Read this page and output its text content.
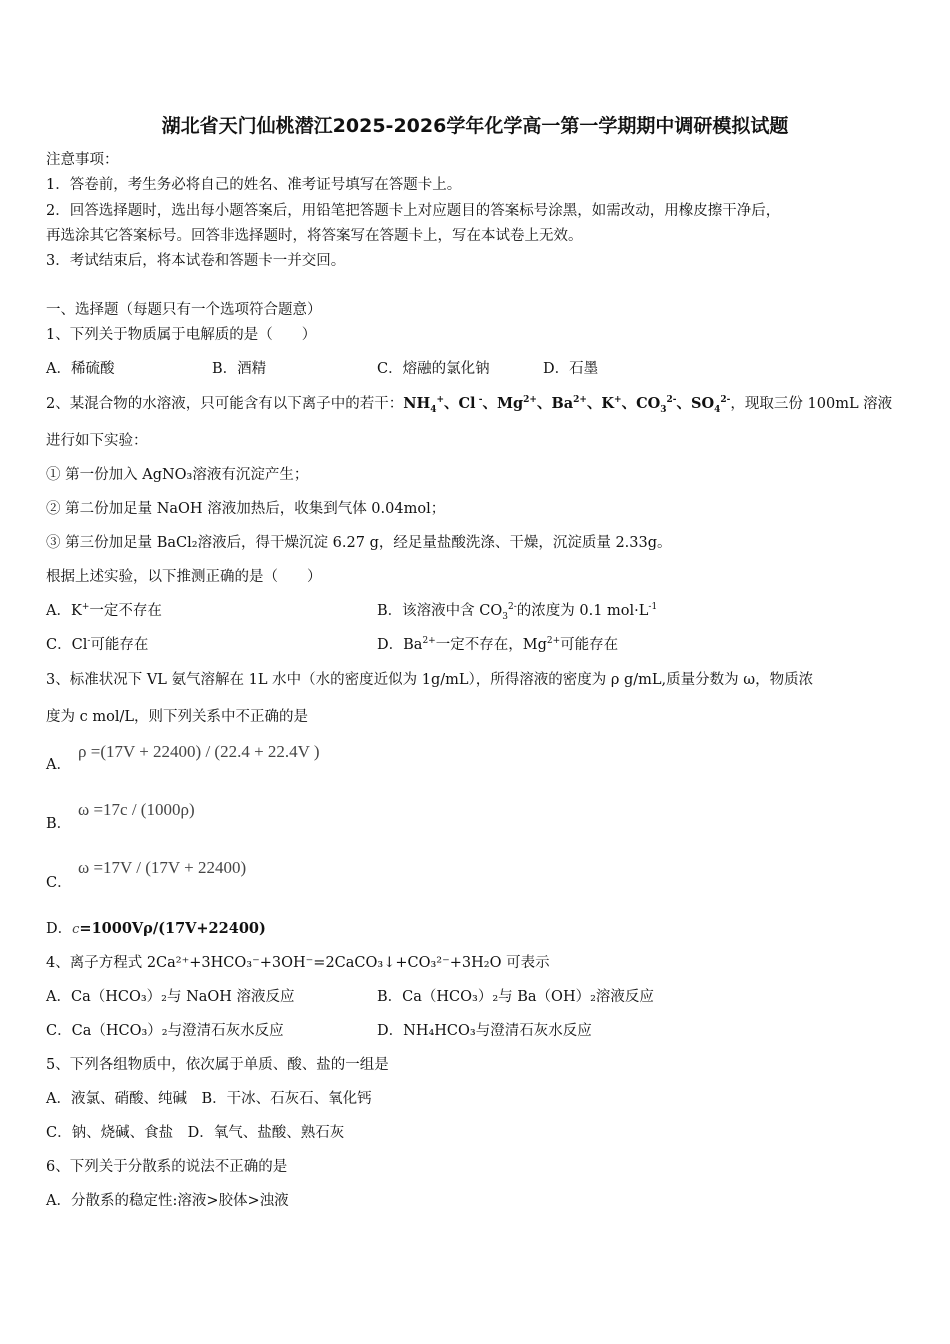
湖北省天门仙桃潜江2025-2026学年化学高一第一学期期中调研模拟试题
注意事项：
1．答卷前，考生务必将自己的姓名、准考证号填写在答题卡上。
2．回答选择题时，选出每小题答案后，用铅笔把答题卡上对应题目的答案标号涂黑，如需改动，用橡皮擦干净后，
再选涂其它答案标号。回答非选择题时，将答案写在答题卡上，写在本试卷上无效。
3．考试结束后，将本试卷和答题卡一并交回。
一、选择题（每题只有一个选项符合题意）
1、下列关于物质属于电解质的是（　　）
A．稀硫酸	B．酒精	C．熔融的氯化钠	D．石墨
2、某混合物的水溶液，只可能含有以下离子中的若干：$NH_4^+$、Cl -、$Mg^{2+}$、$Ba^{2+}$、K+、$CO_3^{2-}$、$SO_4^{2-}$，现取三份 100mL 溶液
进行如下实验：
① 第一份加入 AgNO₃溶液有沉淀产生；
② 第二份加足量 NaOH 溶液加热后，收集到气体 0.04mol；
③ 第三份加足量 BaCl₂溶液后，得干燥沉淀 6.27 g，经足量盐酸洗涤、干燥，沉淀质量 2.33g。
根据上述实验，以下推测正确的是（　　）
A．K+一定不存在	B．该溶液中含 $CO_3^{2-}$的浓度为 0.1 $mol\cdot L^{-1}$
C．Cl-可能存在	D．$Ba^{2+}$一定不存在，$Mg^{2+}$可能存在
3、标准状况下 VL 氨气溶解在 1L 水中（水的密度近似为 1g/mL），所得溶液的密度为 ρ g/mL,质量分数为 ω，物质浓
度为 c mol/L，则下列关系中不正确的是
A．
ρ =(17V + 22400) / (22.4 + 22.4V )
B．
ω =17c / (1000ρ)
C．
ω =17V / (17V + 22400)
D．c=1000Vρ/(17V+22400)
4、离子方程式 2Ca²⁺+3HCO₃⁻+3OH⁻=2CaCO₃↓+CO₃²⁻+3H₂O 可表示
A．Ca（HCO₃）₂与 NaOH 溶液反应	B．Ca（HCO₃）₂与 Ba（OH）₂溶液反应
C．Ca（HCO₃）₂与澄清石灰水反应	D．NH₄HCO₃与澄清石灰水反应
5、下列各组物质中，依次属于单质、酸、盐的一组是
A．液氯、硝酸、纯碱　B．干冰、石灰石、氧化钙
C．钠、烧碱、食盐　D．氧气、盐酸、熟石灰
6、下列关于分散系的说法不正确的是
A．分散系的稳定性:溶液>胶体>浊液
